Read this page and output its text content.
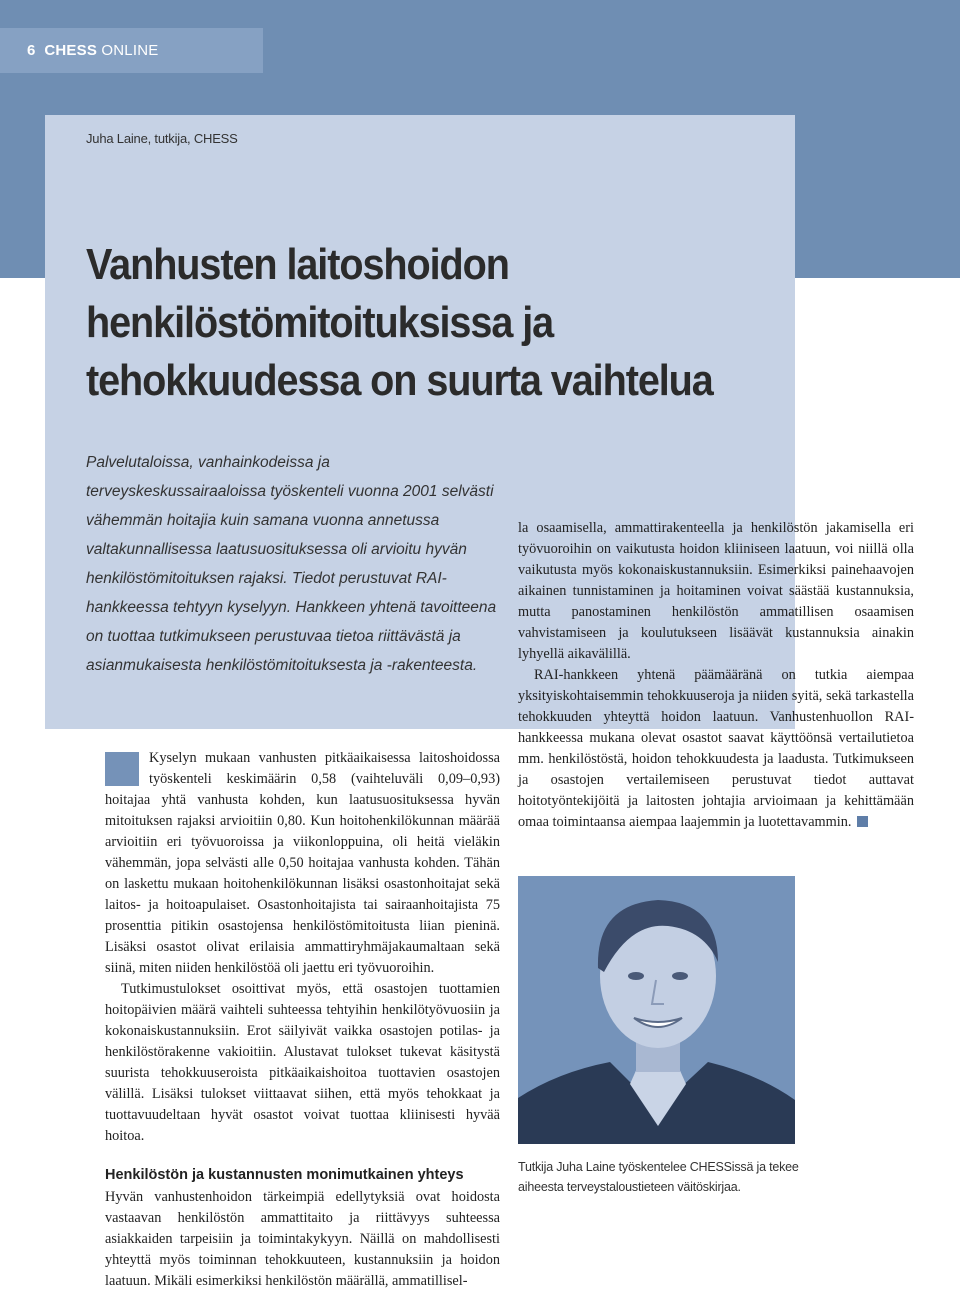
6 CHESS ONLINE
Juha Laine, tutkija, CHESS
Vanhusten laitoshoidon henkilöstömitoituksissa ja tehokkuudessa on suurta vaihtelua

Palvelutaloissa, vanhainkodeissa ja terveyskeskussairaaloissa työskenteli vuonna 2001 selvästi vähemmän hoitajia kuin samana vuonna annetussa valtakunnallisessa laatusuosituksessa oli arvioitu hyvän henkilöstömitoituksen rajaksi. Tiedot perustuvat RAI-hankkeessa tehtyyn kyselyyn. Hankkeen yhtenä tavoitteena on tuottaa tutkimukseen perustuvaa tietoa riittävästä ja asianmukaisesta henkilöstömitoituksesta ja -rakenteesta.

Kyselyn mukaan vanhusten pitkäaikaisessa laitoshoidossa työskenteli keskimäärin 0,58 (vaihteluväli 0,09–0,93) hoitajaa yhtä vanhusta kohden, kun laatusuosituksessa hyvän mitoituksen rajaksi arvioitiin 0,80. Kun hoitohenkilökunnan määrää arvioitiin eri työvuoroissa ja viikonloppuina, oli heitä vieläkin vähemmän, jopa selvästi alle 0,50 hoitajaa vanhusta kohden. Tähän on laskettu mukaan hoitohenkilökunnan lisäksi osastonhoitajat sekä laitos- ja hoitoapulaiset. Osastonhoitajista tai sairaanhoitajista 75 prosenttia pitikin osastojensa henkilöstömitoitusta liian pieninä. Lisäksi osastot olivat erilaisia ammattiryhmäjakaumaltaan sekä siinä, miten niiden henkilöstöä oli jaettu eri työvuoroihin.

Tutkimustulokset osoittivat myös, että osastojen tuottamien hoitopäivien määrä vaihteli suhteessa tehtyihin henkilötyövuosiin ja kokonaiskustannuksiin. Erot säilyivät vaikka osastojen potilas- ja henkilöstörakenne vakioitiin. Alustavat tulokset tukevat käsitystä suurista tehokkuuseroista pitkäaikaishoitoa tuottavien osastojen välillä. Lisäksi tulokset viittaavat siihen, että myös tehokkaat ja tuottavuudeltaan hyvät osastot voivat tuottaa kliinisesti hyvää hoitoa.

Henkilöstön ja kustannusten monimutkainen yhteys

Hyvän vanhustenhoidon tärkeimpiä edellytyksiä ovat hoidosta vastaavan henkilöstön ammattitaito ja riittävyys suhteessa asiakkaiden tarpeisiin ja toimintakykyyn. Näillä on mahdollisesti yhteyttä myös toiminnan tehokkuuteen, kustannuksiin ja hoidon laatuun. Mikäli esimerkiksi henkilöstön määrällä, ammatillisel-

la osaamisella, ammattirakenteella ja henkilöstön jakamisella eri työvuoroihin on vaikutusta hoidon kliiniseen laatuun, voi niillä olla vaikutusta myös kokonaiskustannuksiin. Esimerkiksi painehaavojen aikainen tunnistaminen ja hoitaminen voivat säästää kustannuksia, mutta panostaminen henkilöstön ammatillisen osaamisen vahvistamiseen ja koulutukseen lisäävät kustannuksia ainakin lyhyellä aikavälillä.

RAI-hankkeen yhtenä päämääränä on tutkia aiempaa yksityiskohtaisemmin tehokkuuseroja ja niiden syitä, sekä tarkastella tehokkuuden yhteyttä hoidon laatuun. Vanhustenhuollon RAI-hankkeessa mukana olevat osastot saavat käyttöönsä vertailutietoa mm. henkilöstöstä, hoidon tehokkuudesta ja laadusta. Tutkimukseen ja osastojen vertailemiseen perustuvat tiedot auttavat hoitotyöntekijöitä ja laitosten johtajia arvioimaan ja kehittämään omaa toimintaansa aiempaa laajemmin ja luotettavammin.

Tutkija Juha Laine työskentelee CHESSissä ja tekee aiheesta terveystaloustieteen väitöskirjaa.
